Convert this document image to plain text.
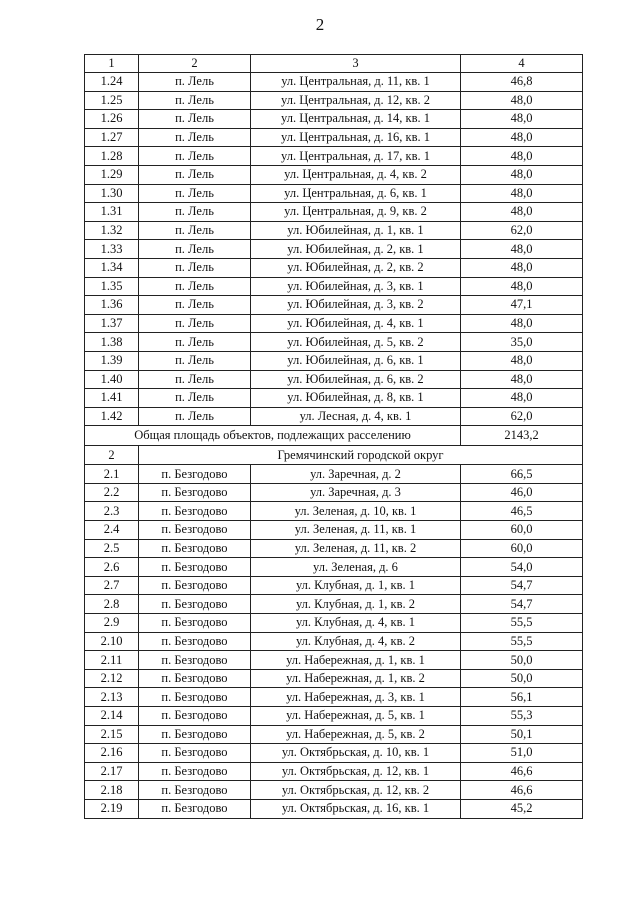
2
1	2	3	4
1.24	п. Лель	ул. Центральная, д. 11, кв. 1	46,8
1.25	п. Лель	ул. Центральная, д. 12, кв. 2	48,0
1.26	п. Лель	ул. Центральная, д. 14, кв. 1	48,0
1.27	п. Лель	ул. Центральная, д. 16, кв. 1	48,0
1.28	п. Лель	ул. Центральная, д. 17, кв. 1	48,0
1.29	п. Лель	ул. Центральная, д. 4, кв. 2	48,0
1.30	п. Лель	ул. Центральная, д. 6, кв. 1	48,0
1.31	п. Лель	ул. Центральная, д. 9, кв. 2	48,0
1.32	п. Лель	ул. Юбилейная, д. 1, кв. 1	62,0
1.33	п. Лель	ул. Юбилейная, д. 2, кв. 1	48,0
1.34	п. Лель	ул. Юбилейная, д. 2, кв. 2	48,0
1.35	п. Лель	ул. Юбилейная, д. 3, кв. 1	48,0
1.36	п. Лель	ул. Юбилейная, д. 3, кв. 2	47,1
1.37	п. Лель	ул. Юбилейная, д. 4, кв. 1	48,0
1.38	п. Лель	ул. Юбилейная, д. 5, кв. 2	35,0
1.39	п. Лель	ул. Юбилейная, д. 6, кв. 1	48,0
1.40	п. Лель	ул. Юбилейная, д. 6, кв. 2	48,0
1.41	п. Лель	ул. Юбилейная, д. 8, кв. 1	48,0
1.42	п. Лель	ул. Лесная, д. 4, кв. 1	62,0
Общая площадь объектов, подлежащих расселению			2143,2
2	Гремячинский городской округ		
2.1	п. Безгодово	ул. Заречная, д. 2	66,5
2.2	п. Безгодово	ул. Заречная, д. 3	46,0
2.3	п. Безгодово	ул. Зеленая, д. 10, кв. 1	46,5
2.4	п. Безгодово	ул. Зеленая, д. 11, кв. 1	60,0
2.5	п. Безгодово	ул. Зеленая, д. 11, кв. 2	60,0
2.6	п. Безгодово	ул. Зеленая, д. 6	54,0
2.7	п. Безгодово	ул. Клубная, д. 1, кв. 1	54,7
2.8	п. Безгодово	ул. Клубная, д. 1, кв. 2	54,7
2.9	п. Безгодово	ул. Клубная, д. 4, кв. 1	55,5
2.10	п. Безгодово	ул. Клубная, д. 4, кв. 2	55,5
2.11	п. Безгодово	ул. Набережная, д. 1, кв. 1	50,0
2.12	п. Безгодово	ул. Набережная, д. 1, кв. 2	50,0
2.13	п. Безгодово	ул. Набережная, д. 3, кв. 1	56,1
2.14	п. Безгодово	ул. Набережная, д. 5, кв. 1	55,3
2.15	п. Безгодово	ул. Набережная, д. 5, кв. 2	50,1
2.16	п. Безгодово	ул. Октябрьская, д. 10, кв. 1	51,0
2.17	п. Безгодово	ул. Октябрьская, д. 12, кв. 1	46,6
2.18	п. Безгодово	ул. Октябрьская, д. 12, кв. 2	46,6
2.19	п. Безгодово	ул. Октябрьская, д. 16, кв. 1	45,2
